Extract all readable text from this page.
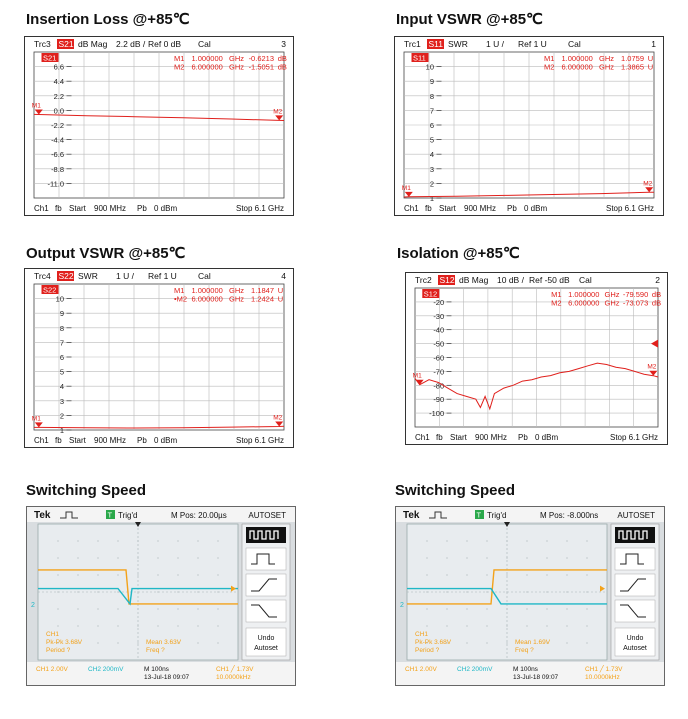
Insertion Loss @+85℃
Trc3 S21 dB Mag 2.2 dB / Ref 0 dB Cal	3
6.6
4.4
2.2
0.0
-2.2
-4.4
-6.6
-8.8
-11.0
S21	M1 1.000000 GHz -0.6213 dB
M2 6.000000 GHz -1.5051 dB
M1
M2
Ch1 fb Start 900 MHz Pb 0 dBm	Stop 6.1 GHz
Input VSWR @+85℃
Trc1 S11 SWR 1 U / Ref 1 U Cal	1
10
9
8
7
6
5
4
3
2
1
S11	M1 1.000000 GHz 1.0759 U
M2 6.000000 GHz 1.3865 U
M1
M2
Ch1 fb Start 900 MHz Pb 0 dBm	Stop 6.1 GHz
Output VSWR @+85℃
Trc4 S22 SWR 1 U / Ref 1 U Cal	4
10
9
8
7
6
5
4
3
2
1
S22	M1 1.000000 GHz 1.1847 U
•M2 6.000000 GHz 1.2424 U
M1	M2
Ch1 fb Start 900 MHz Pb 0 dBm	Stop 6.1 GHz
Isolation @+85℃
Trc2 S12 dB Mag 10 dB / Ref -50 dB Cal	2
-20
-30
-40
-50
-60
-70
-80
-90
-100
S12	M1 1.000000 GHz -79.590 dB
M2 6.000000 GHz -73.073 dB
M1
M2
Ch1 fb Start 900 MHz Pb 0 dBm	Stop 6.1 GHz
Switching Speed
Tek	T Trig'd	M Pos: 20.00µs	AUTOSET
2
CH1
Pk-Pk 3.68V
Period ?
Mean 3.63V
Freq ?
Undo
Autoset
CH1 2.00V	CH2 200mV	M 100ns	CH1 ╱ 1.73V
13-Jul-18 09:07	10.0000kHz
Switching Speed
Tek	T Trig'd	M Pos: -8.000ns AUTOSET
2
CH1
Pk-Pk 3.68V
Period ?
Mean 1.69V
Freq ?
Undo
Autoset
CH1 2.00V	CH2 200mV	M 100ns	CH1 ╱ 1.73V
13-Jul-18 09:07	10.0000kHz
